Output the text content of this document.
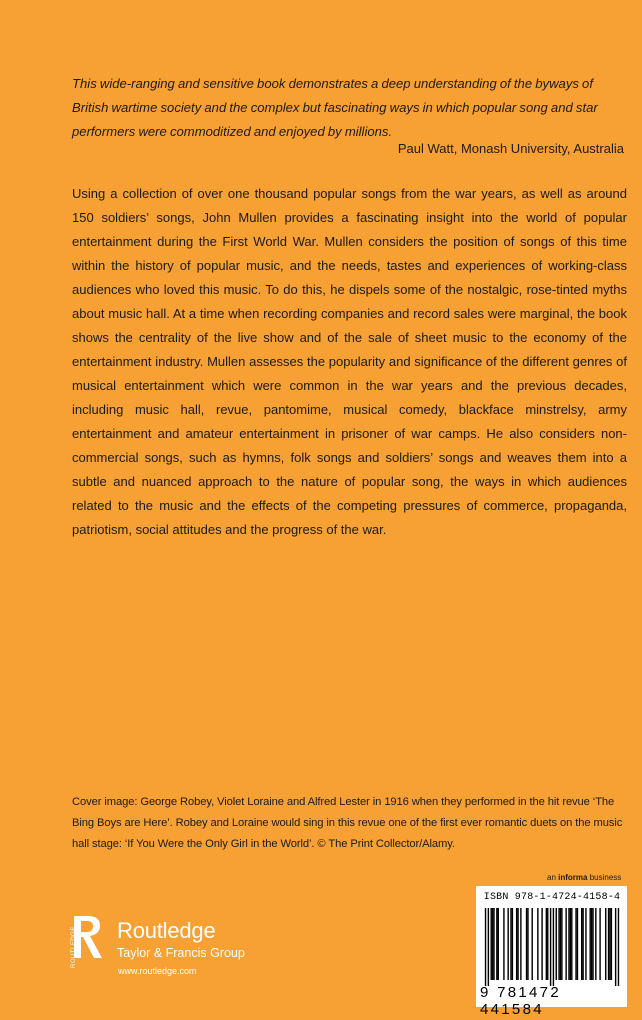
This wide-ranging and sensitive book demonstrates a deep understanding of the byways of British wartime society and the complex but fascinating ways in which popular song and star performers were commoditized and enjoyed by millions.
Paul Watt, Monash University, Australia
Using a collection of over one thousand popular songs from the war years, as well as around 150 soldiers’ songs, John Mullen provides a fascinating insight into the world of popular entertainment during the First World War. Mullen considers the position of songs of this time within the history of popular music, and the needs, tastes and experiences of working-class audiences who loved this music. To do this, he dispels some of the nostalgic, rose-tinted myths about music hall. At a time when recording companies and record sales were marginal, the book shows the centrality of the live show and of the sale of sheet music to the economy of the entertainment industry. Mullen assesses the popularity and significance of the different genres of musical entertainment which were common in the war years and the previous decades, including music hall, revue, pantomime, musical comedy, blackface minstrelsy, army entertainment and amateur entertainment in prisoner of war camps. He also considers non-commercial songs, such as hymns, folk songs and soldiers’ songs and weaves them into a subtle and nuanced approach to the nature of popular song, the ways in which audiences related to the music and the effects of the competing pressures of commerce, propaganda, patriotism, social attitudes and the progress of the war.
Cover image: George Robey, Violet Loraine and Alfred Lester in 1916 when they performed in the hit revue ‘The Bing Boys are Here’. Robey and Loraine would sing in this revue one of the first ever romantic duets on the music hall stage: ‘If You Were the Only Girl in the World’. © The Print Collector/Alamy.
an informa business
ISBN 978-1-4724-4158-4
9 781472 441584
ROUTLEDGE Routledge
Taylor & Francis Group
www.routledge.com
